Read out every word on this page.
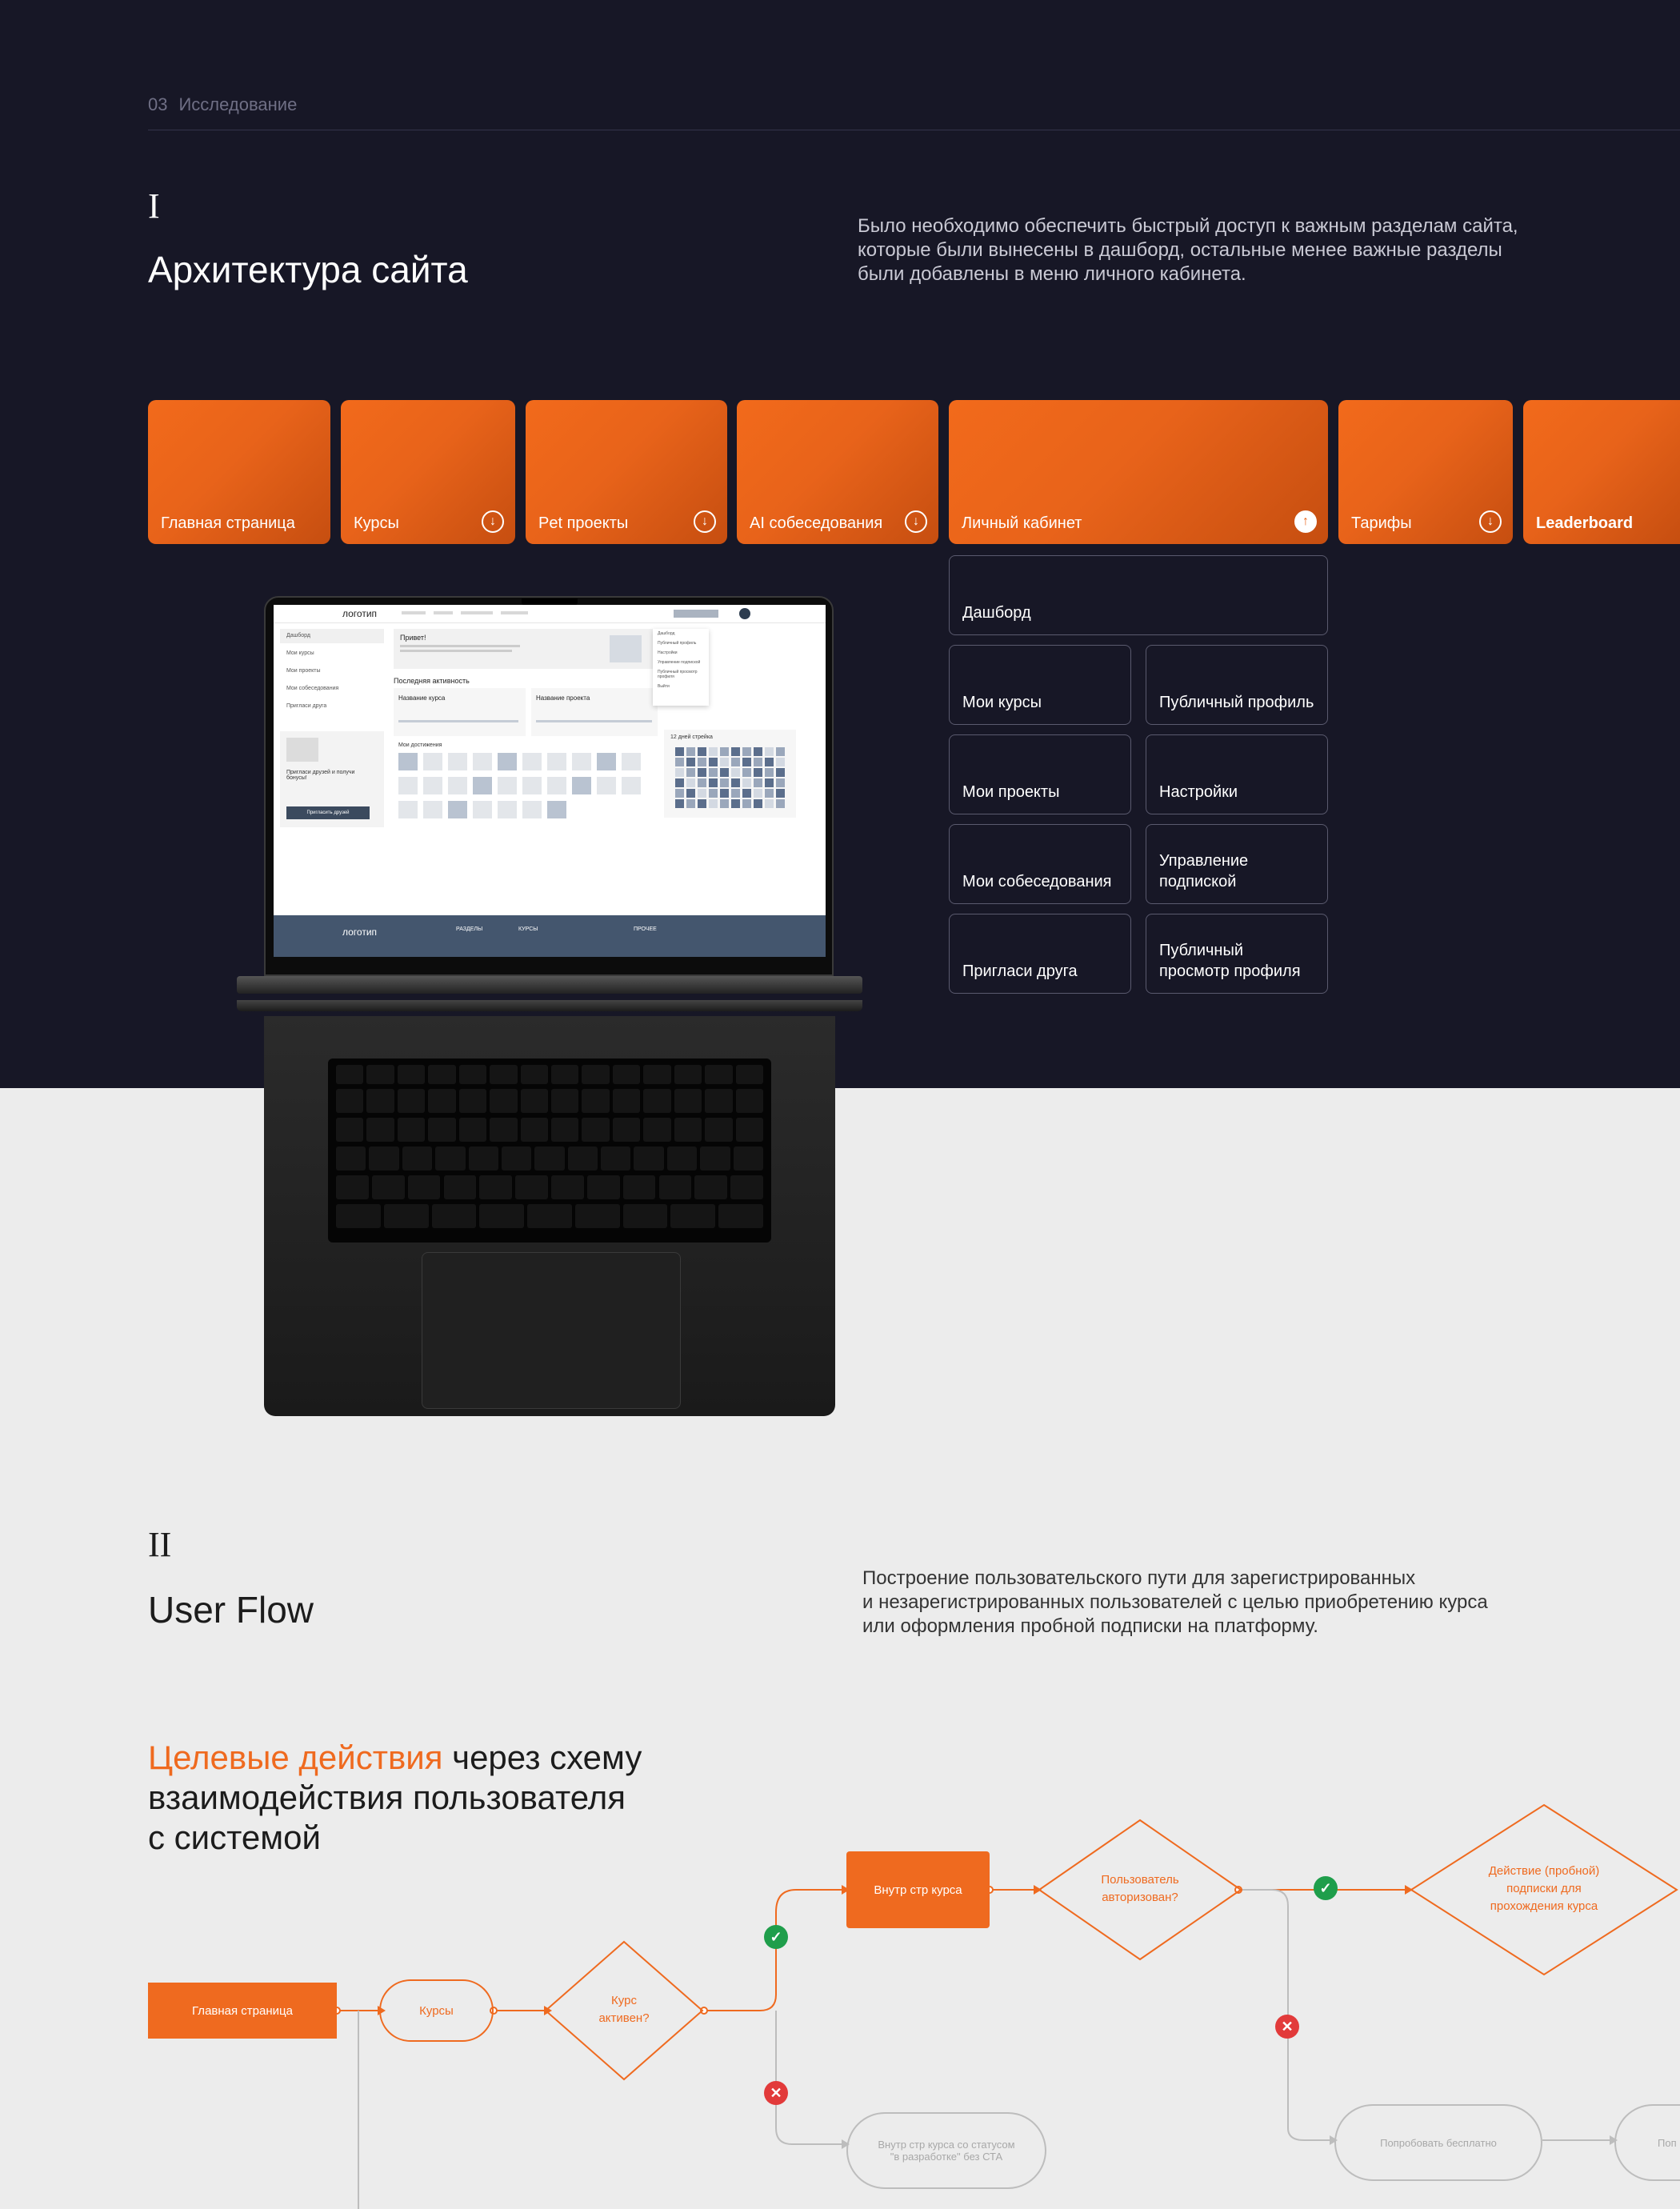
03 Исследование
I
Архитектура сайта
Было необходимо обеспечить быстрый доступ к важным разделам сайта,
которые были вынесены в дашборд, остальные менее важные разделы
были добавлены в меню личного кабинета.
Главная страница	Курсы	↓	Pet проекты	↓	AI собеседования	↓	Личный кабинет	↑	Тарифы	↓	Leaderboard
Дашборд
Мои курсы	Публичный профиль
Мои проекты	Настройки
Мои собеседования
Управление
подпиской
Пригласи друга
Публичный
просмотр профиля
логотип
Дашборд
Мои курсы
Мои проекты
Мои собеседования
Пригласи друга
Пригласи друзей и получи бонусы!
Пригласить друзей
Привет!
Последняя активность
Название курса	Название проекта
Мои достижения
12 дней стрейка
Дашборд
Публичный профиль
Настройки
Управление подпиской
Публичный просмотр профиля
Выйти
логотип	РАЗДЕЛЫ	КУРСЫ	ПРОЧЕЕ
II
User Flow
Построение пользовательского пути для зарегистрированных
и незарегистрированных пользователей с целью приобретению курса
или оформления пробной подписки на платформу.
Целевые действия через схему
взаимодействия пользователя
с системой
Главная страница	Курсы
Курс
активен?
Внутр стр курса
Пользователь
авторизован?
Действие (пробной)
подписки для
прохождения курса
Внутр стр курса со статусом
"в разработке" без СТА
Попробовать бесплатно	Поп
✓
✕
✓
✕
